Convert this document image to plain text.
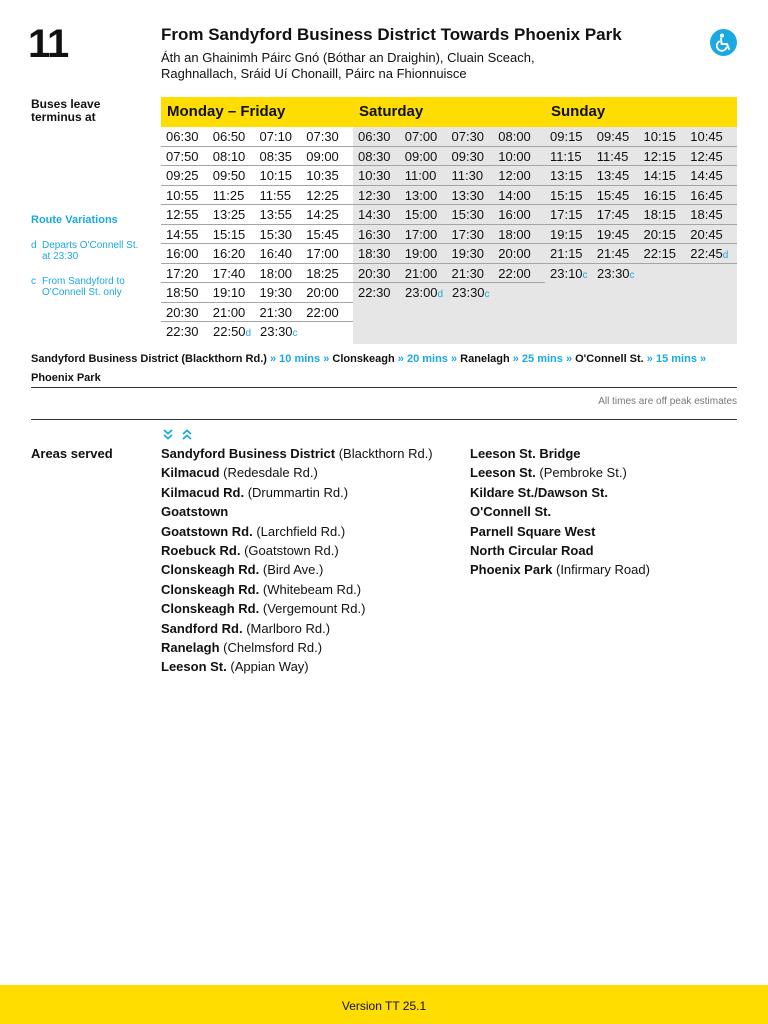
11	From Sandyford Business District Towards Phoenix Park
Áth an Ghainimh Páirc Gnó (Bóthar an Draighin), Cluain Sceach, Raghnallach, Sráid Uí Chonaill, Páirc na Fhionnuisce
Buses leave terminus at
Route Variations
d Departs O'Connell St. at 23:30
c From Sandyford to O'Connell St. only
Monday – Friday
06:30	06:50	07:10	07:30
07:50	08:10	08:35	09:00
09:25	09:50	10:15	10:35
10:55	11:25	11:55	12:25
12:55	13:25	13:55	14:25
14:55	15:15	15:30	15:45
16:00	16:20	16:40	17:00
17:20	17:40	18:00	18:25
18:50	19:10	19:30	20:00
20:30	21:00	21:30	22:00
22:30	22:50d 23:30c
Saturday
06:30	07:00	07:30	08:00
08:30	09:00	09:30	10:00
10:30	11:00	11:30	12:00
12:30	13:00	13:30	14:00
14:30	15:00	15:30	16:00
16:30	17:00	17:30	18:00
18:30	19:00	19:30	20:00
20:30	21:00	21:30	22:00
22:30	23:00d 23:30c
Sunday
09:15	09:45	10:15	10:45
11:15	11:45	12:15	12:45
13:15	13:45	14:15	14:45
15:15	15:45	16:15	16:45
17:15	17:45	18:15	18:45
19:15	19:45	20:15	20:45
21:15	21:45	22:15	22:45d
23:10c 23:30c
Sandyford Business District (Blackthorn Rd.) » 10 mins » Clonskeagh » 20 mins » Ranelagh » 25 mins » O'Connell St. » 15 mins » Phoenix Park
All times are off peak estimates
Areas served	Sandyford Business District (Blackthorn Rd.)
Kilmacud (Redesdale Rd.)
Kilmacud Rd. (Drummartin Rd.)
Goatstown
Goatstown Rd. (Larchfield Rd.)
Roebuck Rd. (Goatstown Rd.)
Clonskeagh Rd. (Bird Ave.)
Clonskeagh Rd. (Whitebeam Rd.)
Clonskeagh Rd. (Vergemount Rd.)
Sandford Rd. (Marlboro Rd.)
Ranelagh (Chelmsford Rd.)
Leeson St. (Appian Way)
Leeson St. Bridge
Leeson St. (Pembroke St.)
Kildare St./Dawson St.
O'Connell St.
Parnell Square West
North Circular Road
Phoenix Park (Infirmary Road)
Version TT 25.1
